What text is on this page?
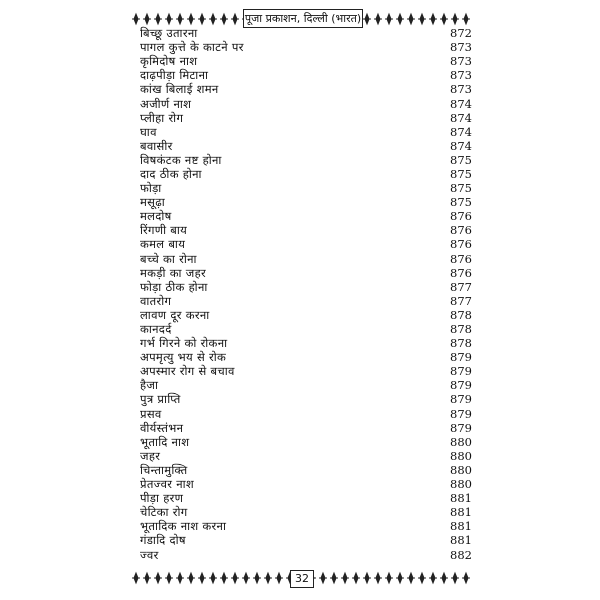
पूजा प्रकाशन, दिल्ली (भारत)
बिच्छू उतारना	872
पागल कुत्ते के काटने पर	873
कृमिदोष नाश	873
दाढ़पीड़ा मिटाना	873
कांख बिलाई शमन	873
अजीर्ण नाश	874
प्लीहा रोग	874
घाव	874
बवासीर	874
विषकंटक नष्ट होना	875
दाद ठीक होना	875
फोड़ा	875
मसूढ़ा	875
मलदोष	876
रिंगणी बाय	876
कमल बाय	876
बच्चे का रोना	876
मकड़ी का जहर	876
फोड़ा ठीक होना	877
वातरोग	877
लावण दूर करना	878
कानदर्द	878
गर्भ गिरने को रोकना	878
अपमृत्यु भय से रोक	879
अपस्मार रोग से बचाव	879
हैजा	879
पुत्र प्राप्ति	879
प्रसव	879
वीर्यस्तंभन	879
भूतादि नाश	880
जहर	880
चिन्तामुक्ति	880
प्रेतज्वर नाश	880
पीड़ा हरण	881
चेटिका रोग	881
भूतादिक नाश करना	881
गंडादि दोष	881
ज्वर	882
32
